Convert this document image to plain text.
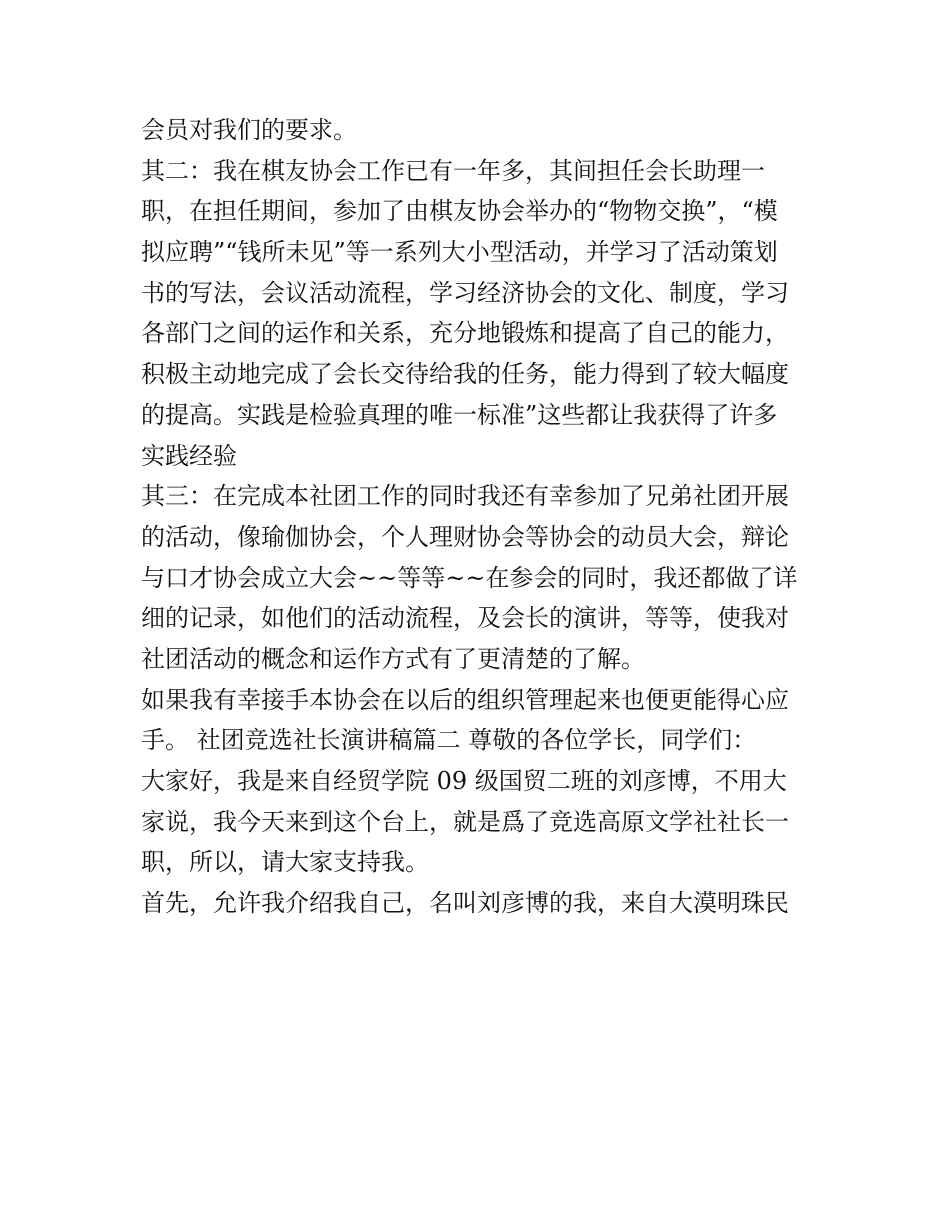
会员对我们的要求。
其二：我在棋友协会工作已有一年多，其间担任会长助理一
职，在担任期间，参加了由棋友协会举办的“物物交换”，“模
拟应聘”“钱所未见”等一系列大小型活动，并学习了活动策划
书的写法，会议活动流程，学习经济协会的文化、制度，学习
各部门之间的运作和关系，充分地锻炼和提高了自己的能力，
积极主动地完成了会长交待给我的任务，能力得到了较大幅度
的提高。实践是检验真理的唯一标准”这些都让我获得了许多
实践经验
其三：在完成本社团工作的同时我还有幸参加了兄弟社团开展
的活动，像瑜伽协会，个人理财协会等协会的动员大会，辩论
与口才协会成立大会~~等等~~在参会的同时，我还都做了详
细的记录，如他们的活动流程，及会长的演讲，等等，使我对
社团活动的概念和运作方式有了更清楚的了解。
如果我有幸接手本协会在以后的组织管理起来也便更能得心应
手。 社团竞选社长演讲稿篇二 尊敬的各位学长，同学们：
大家好，我是来自经贸学院 09 级国贸二班的刘彦博，不用大
家说，我今天来到这个台上，就是爲了竞选高原文学社社长一
职，所以，请大家支持我。
首先，允许我介绍我自己，名叫刘彦博的我，来自大漠明珠民
